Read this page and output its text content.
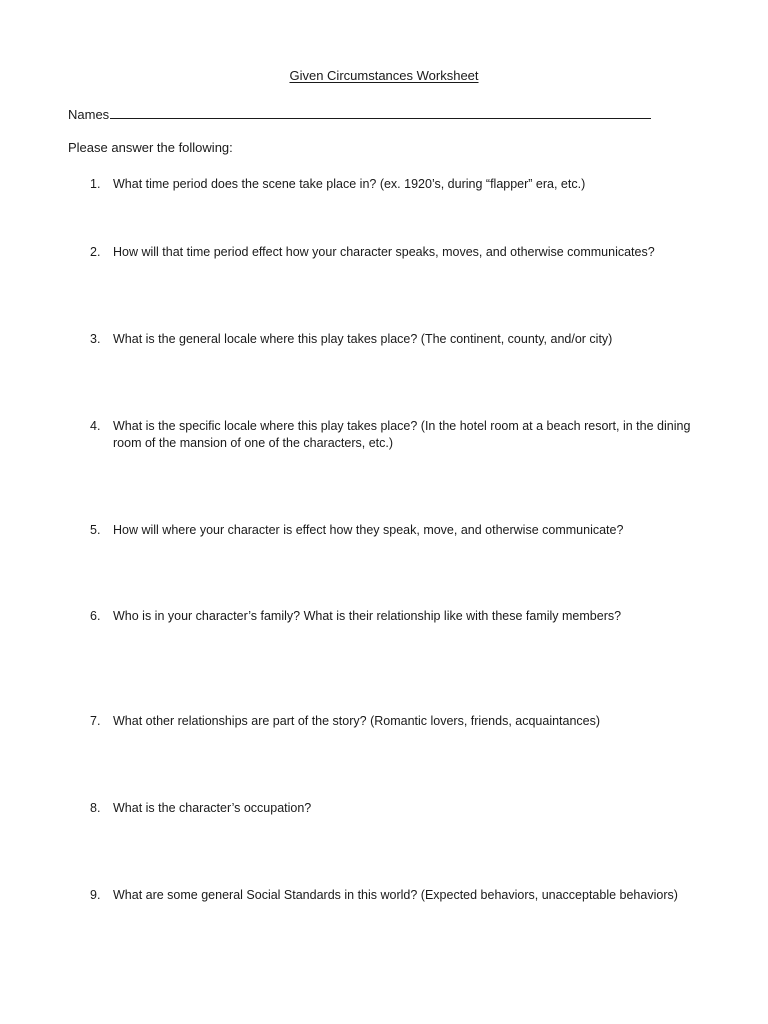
Given Circumstances Worksheet
Names
Please answer the following:
1.	What time period does the scene take place in? (ex. 1920’s, during “flapper” era, etc.)
2.	How will that time period effect how your character speaks, moves, and otherwise communicates?
3.	What is the general locale where this play takes place? (The continent, county, and/or city)
4.	What is the specific locale where this play takes place? (In the hotel room at a beach resort, in the dining room of the mansion of one of the characters, etc.)
5.	How will where your character is effect how they speak, move, and otherwise communicate?
6.	Who is in your character’s family? What is their relationship like with these family members?
7.	What other relationships are part of the story? (Romantic lovers, friends, acquaintances)
8.	What is the character’s occupation?
9.	What are some general Social Standards in this world? (Expected behaviors, unacceptable behaviors)
